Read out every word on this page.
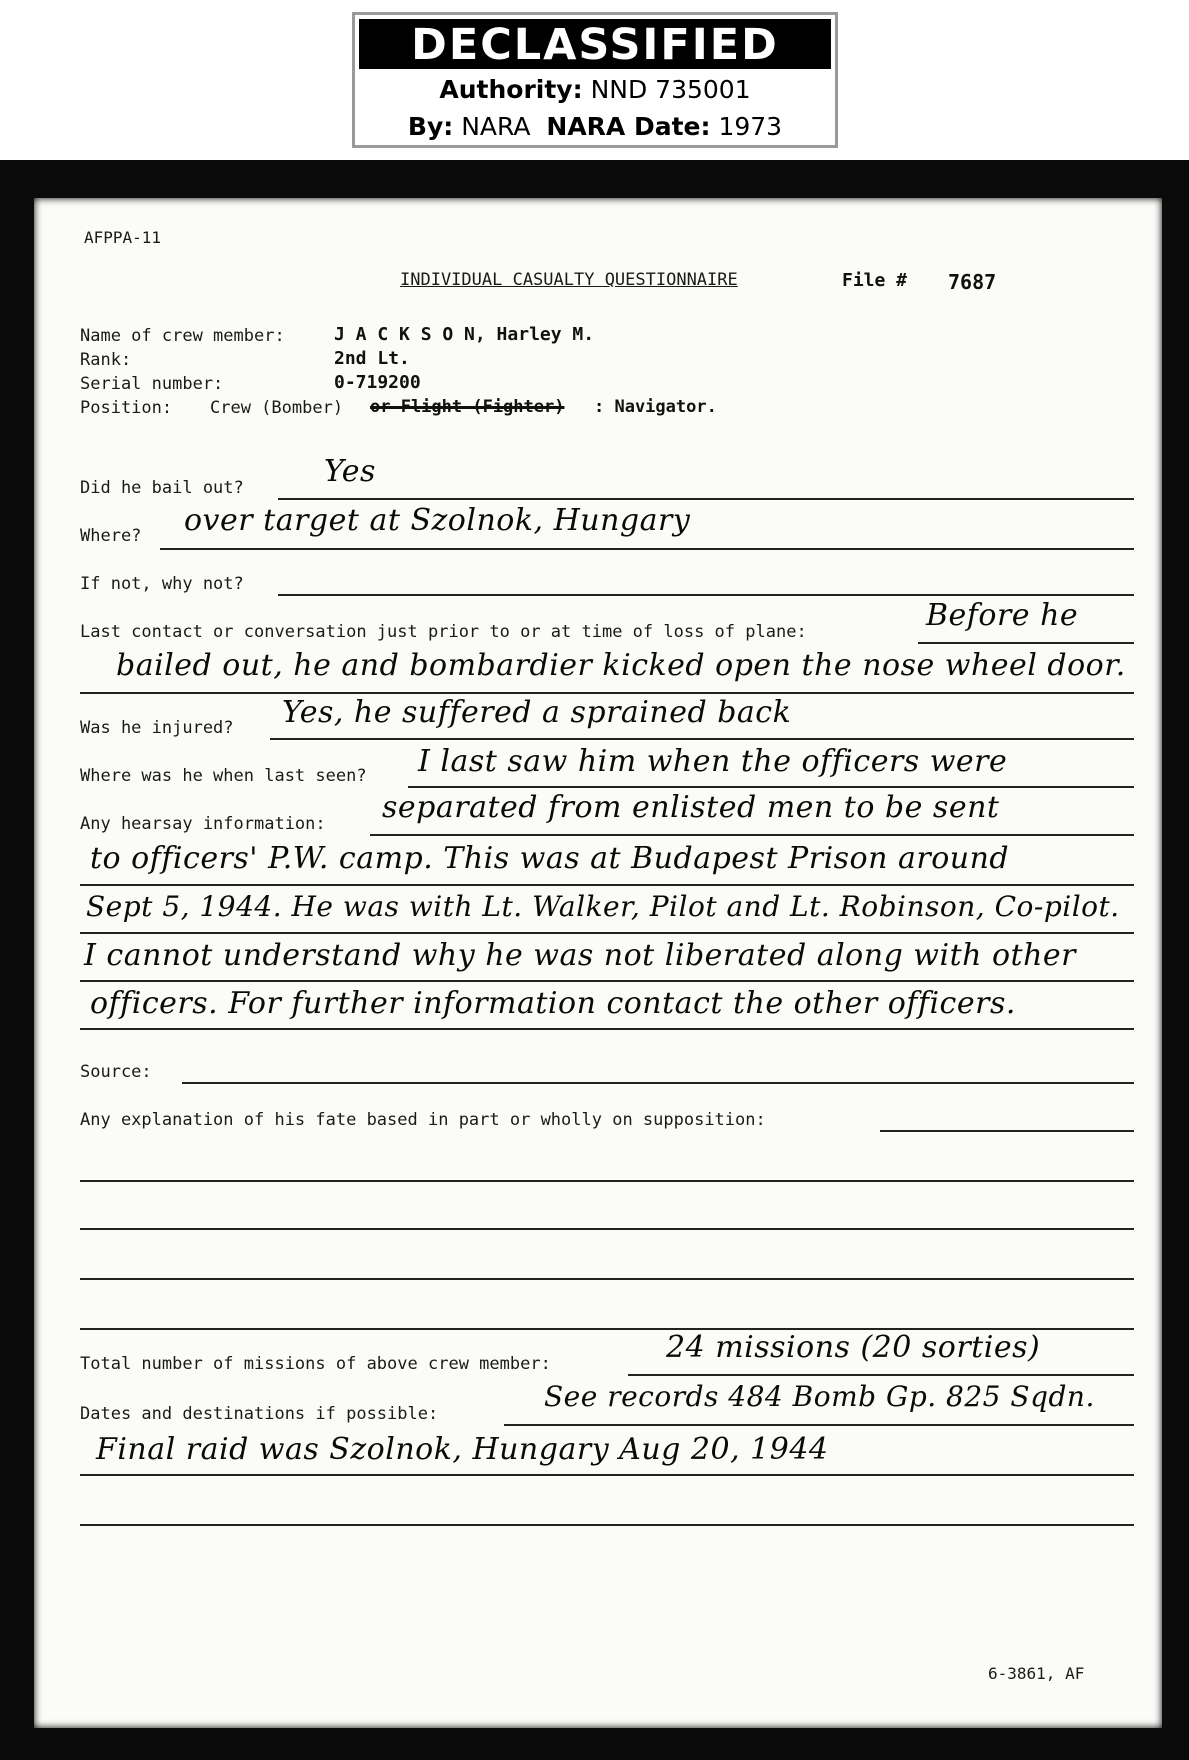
DECLASSIFIED
Authority: NND 735001
By: NARA NARA Date: 1973
AFPPA-11
INDIVIDUAL CASUALTY QUESTIONNAIRE	File # 7687
Name of crew member:	J A C K S O N, Harley M.
Rank:	2nd Lt.
Serial number:	0-719200
Position: Crew (Bomber) or Flight (Fighter) : Navigator.
Did he bail out?	Yes
Where? over target at Szolnok, Hungary
If not, why not?
Last contact or conversation just prior to or at time of loss of plane:	Before he
bailed out, he and bombardier kicked open the nose wheel door.
Was he injured? Yes, he suffered a sprained back
Where was he when last seen? I last saw him when the officers were
Any hearsay information: separated from enlisted men to be sent
to officers' P.W. camp. This was at Budapest Prison around
Sept 5, 1944. He was with Lt. Walker, Pilot and Lt. Robinson, Co-pilot.
I cannot understand why he was not liberated along with other
officers. For further information contact the other officers.
Source:
Any explanation of his fate based in part or wholly on supposition:
Total number of missions of above crew member:	24 missions (20 sorties)
Dates and destinations if possible:
See records 484 Bomb Gp. 825 Sqdn.
Final raid was Szolnok, Hungary Aug 20, 1944
6-3861, AF
